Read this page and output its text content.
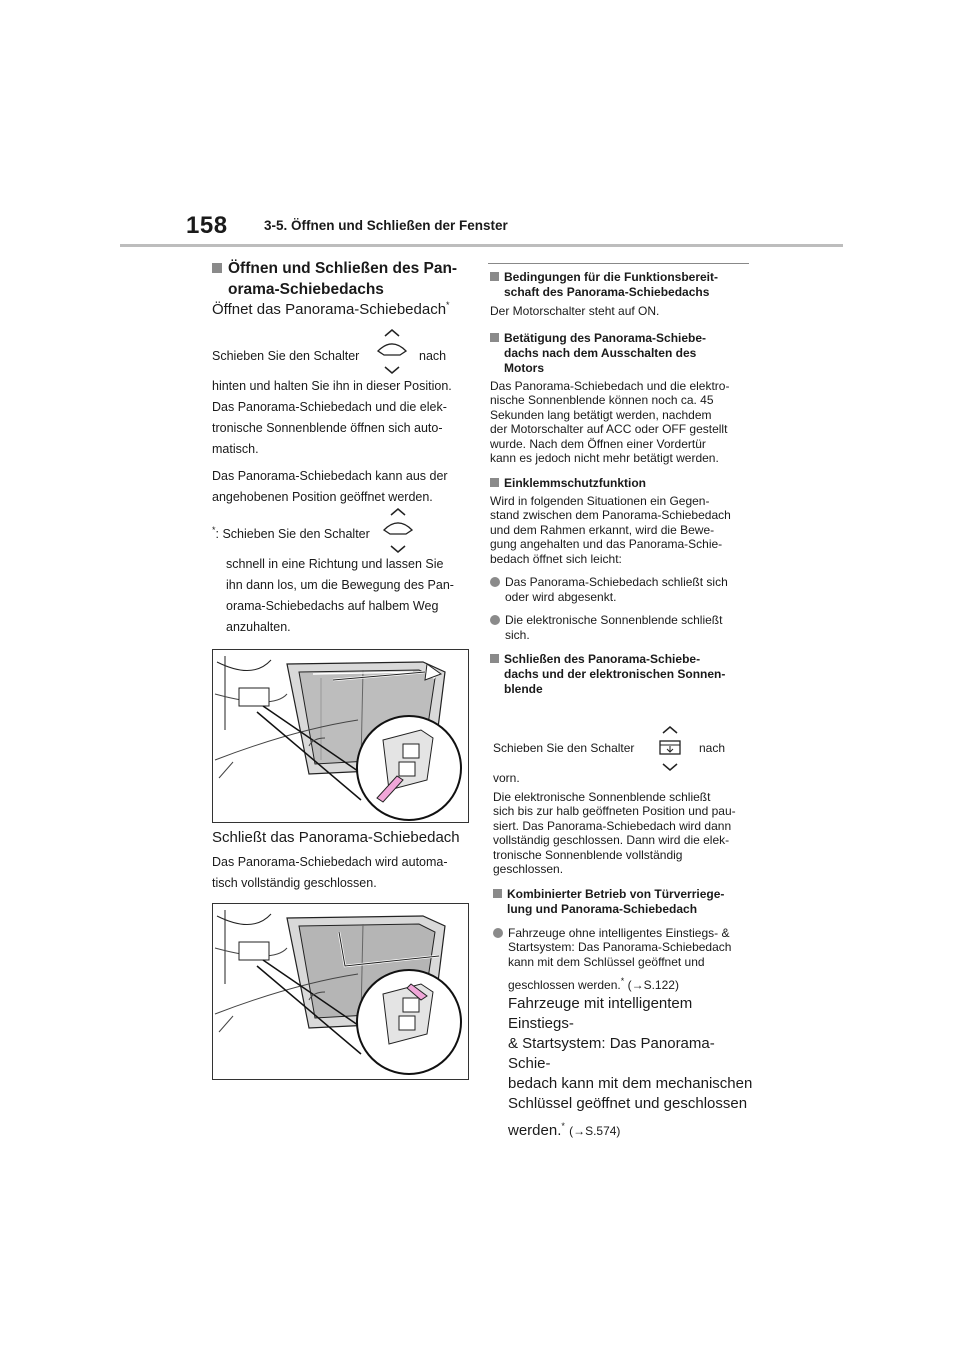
158	3-5. Öffnen und Schließen der Fenster
Öffnen und Schließen des Pan-
orama-Schiebedachs
Öffnet das Panorama-Schiebedach*
Schieben Sie den Schalter	nach
hinten und halten Sie ihn in dieser Position.
Das Panorama-Schiebedach und die elek-
tronische Sonnenblende öffnen sich auto-
matisch.
Das Panorama-Schiebedach kann aus der
angehobenen Position geöffnet werden.
*: Schieben Sie den Schalter
schnell in eine Richtung und lassen Sie
ihn dann los, um die Bewegung des Pan-
orama-Schiebedachs auf halbem Weg
anzuhalten.
Schließt das Panorama-Schiebedach
Das Panorama-Schiebedach wird automa-
tisch vollständig geschlossen.
Bedingungen für die Funktionsbereit-
schaft des Panorama-Schiebedachs
Der Motorschalter steht auf ON.
Betätigung des Panorama-Schiebe-
dachs nach dem Ausschalten des
Motors
Das Panorama-Schiebedach und die elektro-
nische Sonnenblende können noch ca. 45
Sekunden lang betätigt werden, nachdem
der Motorschalter auf ACC oder OFF gestellt
wurde. Nach dem Öffnen einer Vordertür
kann es jedoch nicht mehr betätigt werden.
Einklemmschutzfunktion
Wird in folgenden Situationen ein Gegen-
stand zwischen dem Panorama-Schiebedach
und dem Rahmen erkannt, wird die Bewe-
gung angehalten und das Panorama-Schie-
bedach öffnet sich leicht:
Das Panorama-Schiebedach schließt sich
oder wird abgesenkt.
Die elektronische Sonnenblende schließt
sich.
Schließen des Panorama-Schiebe-
dachs und der elektronischen Sonnen-
blende
Schieben Sie den Schalter	nach
vorn.
Die elektronische Sonnenblende schließt
sich bis zur halb geöffneten Position und pau-
siert. Das Panorama-Schiebedach wird dann
vollständig geschlossen. Dann wird die elek-
tronische Sonnenblende vollständig
geschlossen.
Kombinierter Betrieb von Türverriege-
lung und Panorama-Schiebedach
Fahrzeuge ohne intelligentes Einstiegs- &
Startsystem: Das Panorama-Schiebedach
kann mit dem Schlüssel geöffnet und
geschlossen werden.* (→S.122)
Fahrzeuge mit intelligentem Einstiegs-
& Startsystem: Das Panorama-Schie-
bedach kann mit dem mechanischen
Schlüssel geöffnet und geschlossen
werden.* (→S.574)
